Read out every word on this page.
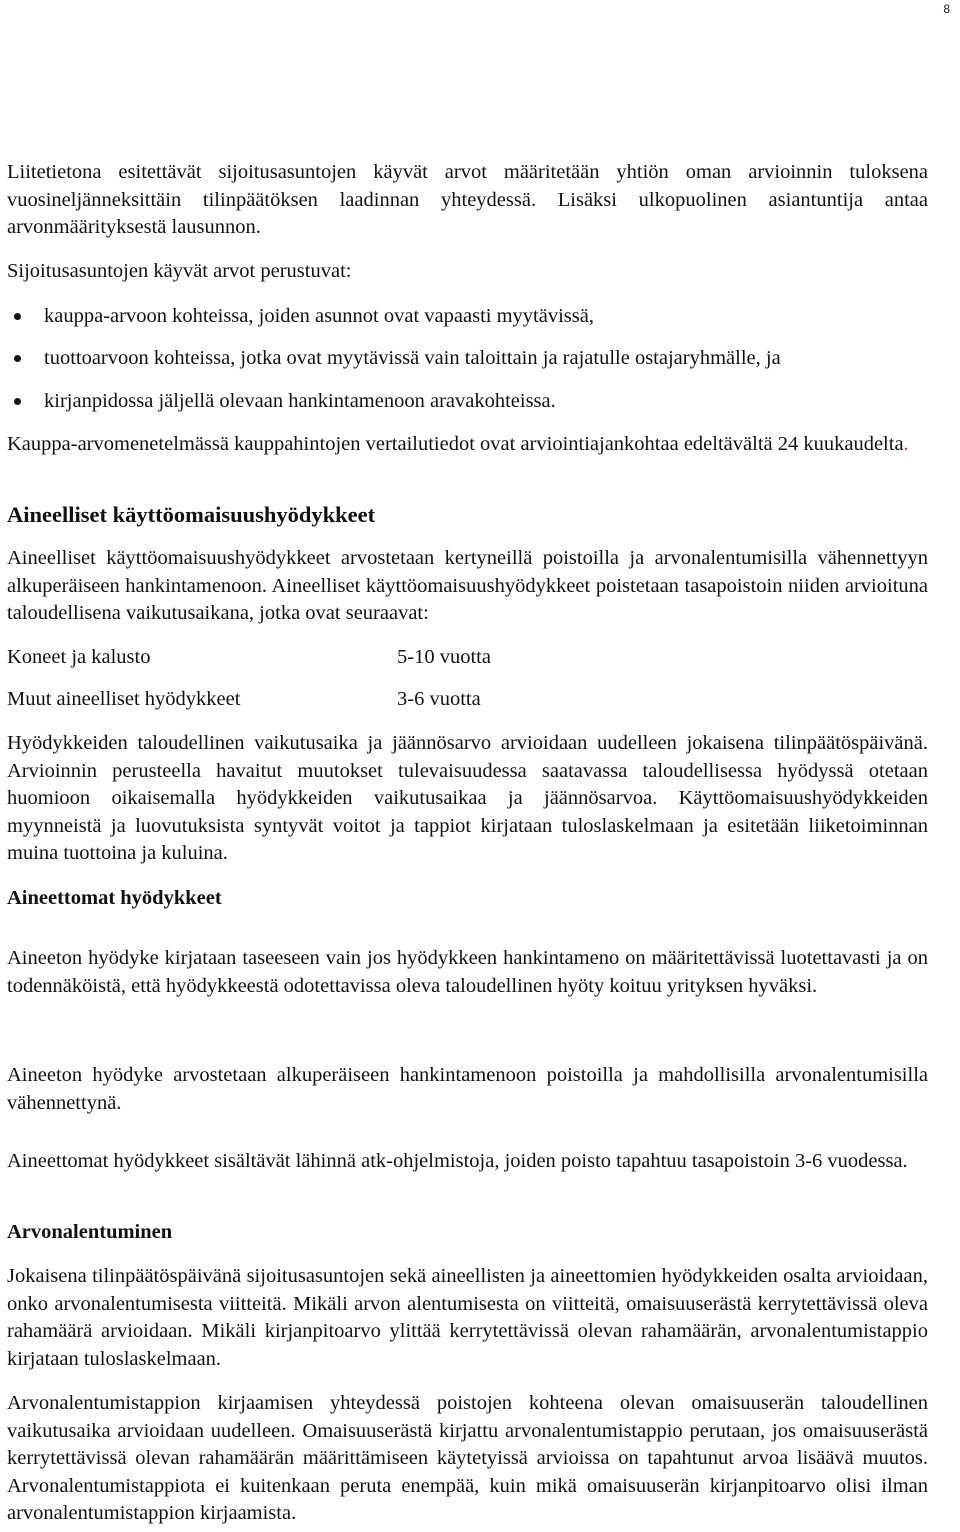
8

Liitetietona esitettävät sijoitusasuntojen käyvät arvot määritetään yhtiön oman arvioinnin tuloksena vuosineljänneksittäin tilinpäätöksen laadinnan yhteydessä. Lisäksi ulkopuolinen asiantuntija antaa arvonmäärityksestä lausunnon.

Sijoitusasuntojen käyvät arvot perustuvat:

kauppa-arvoon kohteissa, joiden asunnot ovat vapaasti myytävissä,
tuottoarvoon kohteissa, jotka ovat myytävissä vain taloittain ja rajatulle ostajaryhmälle, ja
kirjanpidossa jäljellä olevaan hankintamenoon aravakohteissa.

Kauppa-arvomenetelmässä kauppahintojen vertailutiedot ovat arviointiajankohtaa edeltävältä 24 kuukaudelta.

Aineelliset käyttöomaisuushyödykkeet

Aineelliset käyttöomaisuushyödykkeet arvostetaan kertyneillä poistoilla ja arvonalentumisilla vähennettyyn alkuperäiseen hankintamenoon. Aineelliset käyttöomaisuushyödykkeet poistetaan tasapoistoin niiden arvioituna taloudellisena vaikutusaikana, jotka ovat seuraavat:

Koneet ja kalusto	5-10 vuotta
Muut aineelliset hyödykkeet	3-6 vuotta

Hyödykkeiden taloudellinen vaikutusaika ja jäännösarvo arvioidaan uudelleen jokaisena tilinpäätöspäivänä. Arvioinnin perusteella havaitut muutokset tulevaisuudessa saatavassa taloudellisessa hyödyssä otetaan huomioon oikaisemalla hyödykkeiden vaikutusaikaa ja jäännösarvoa. Käyttöomaisuushyödykkeiden myynneistä ja luovutuksista syntyvät voitot ja tappiot kirjataan tuloslaskelmaan ja esitetään liiketoiminnan muina tuottoina ja kuluina.

Aineettomat hyödykkeet

Aineeton hyödyke kirjataan taseeseen vain jos hyödykkeen hankintameno on määritettävissä luotettavasti ja on todennäköistä, että hyödykkeestä odotettavissa oleva taloudellinen hyöty koituu yrityksen hyväksi.

Aineeton hyödyke arvostetaan alkuperäiseen hankintamenoon poistoilla ja mahdollisilla arvonalentumisilla vähennettynä.

Aineettomat hyödykkeet sisältävät lähinnä atk-ohjelmistoja, joiden poisto tapahtuu tasapoistoin 3-6 vuodessa.

Arvonalentuminen

Jokaisena tilinpäätöspäivänä sijoitusasuntojen sekä aineellisten ja aineettomien hyödykkeiden osalta arvioidaan, onko arvonalentumisesta viitteitä. Mikäli arvon alentumisesta on viitteitä, omaisuuserästä kerrytettävissä oleva rahamäärä arvioidaan. Mikäli kirjanpitoarvo ylittää kerrytettävissä olevan rahamäärän, arvonalentumistappio kirjataan tuloslaskelmaan.

Arvonalentumistappion kirjaamisen yhteydessä poistojen kohteena olevan omaisuuserän taloudellinen vaikutusaika arvioidaan uudelleen. Omaisuuserästä kirjattu arvonalentumistappio perutaan, jos omaisuuserästä kerrytettävissä olevan rahamäärän määrittämiseen käytetyissä arvioissa on tapahtunut arvoa lisäävä muutos. Arvonalentumistappiota ei kuitenkaan peruta enempää, kuin mikä omaisuuserän kirjanpitoarvo olisi ilman arvonalentumistappion kirjaamista.
